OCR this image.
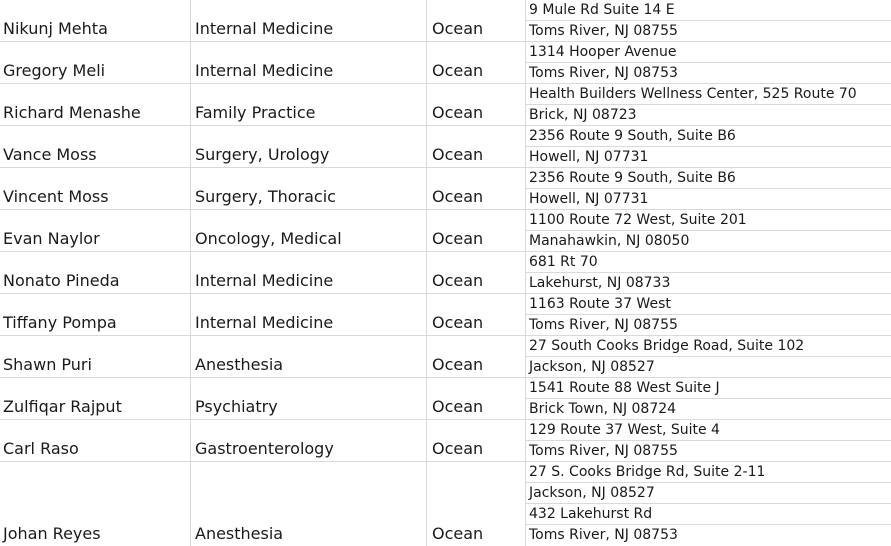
Nikunj Mehta	Internal Medicine	Ocean
9 Mule Rd Suite 14 E
Toms River, NJ 08755
Gregory Meli	Internal Medicine	Ocean
1314 Hooper Avenue
Toms River, NJ 08753
Richard Menashe	Family Practice	Ocean
Health Builders Wellness Center, 525 Route 70
Brick, NJ 08723
Vance Moss	Surgery, Urology	Ocean
2356 Route 9 South, Suite B6
Howell, NJ 07731
Vincent Moss	Surgery, Thoracic	Ocean
2356 Route 9 South, Suite B6
Howell, NJ 07731
Evan Naylor	Oncology, Medical	Ocean
1100 Route 72 West, Suite 201
Manahawkin, NJ 08050
Nonato Pineda	Internal Medicine	Ocean
681 Rt 70
Lakehurst, NJ 08733
Tiffany Pompa	Internal Medicine	Ocean
1163 Route 37 West
Toms River, NJ 08755
Shawn Puri	Anesthesia	Ocean
27 South Cooks Bridge Road, Suite 102
Jackson, NJ 08527
Zulfiqar Rajput	Psychiatry	Ocean
1541 Route 88 West Suite J
Brick Town, NJ 08724
Carl Raso	Gastroenterology	Ocean
129 Route 37 West, Suite 4
Toms River, NJ 08755
Johan Reyes	Anesthesia	Ocean
27 S. Cooks Bridge Rd, Suite 2-11
Jackson, NJ 08527
432 Lakehurst Rd
Toms River, NJ 08753
